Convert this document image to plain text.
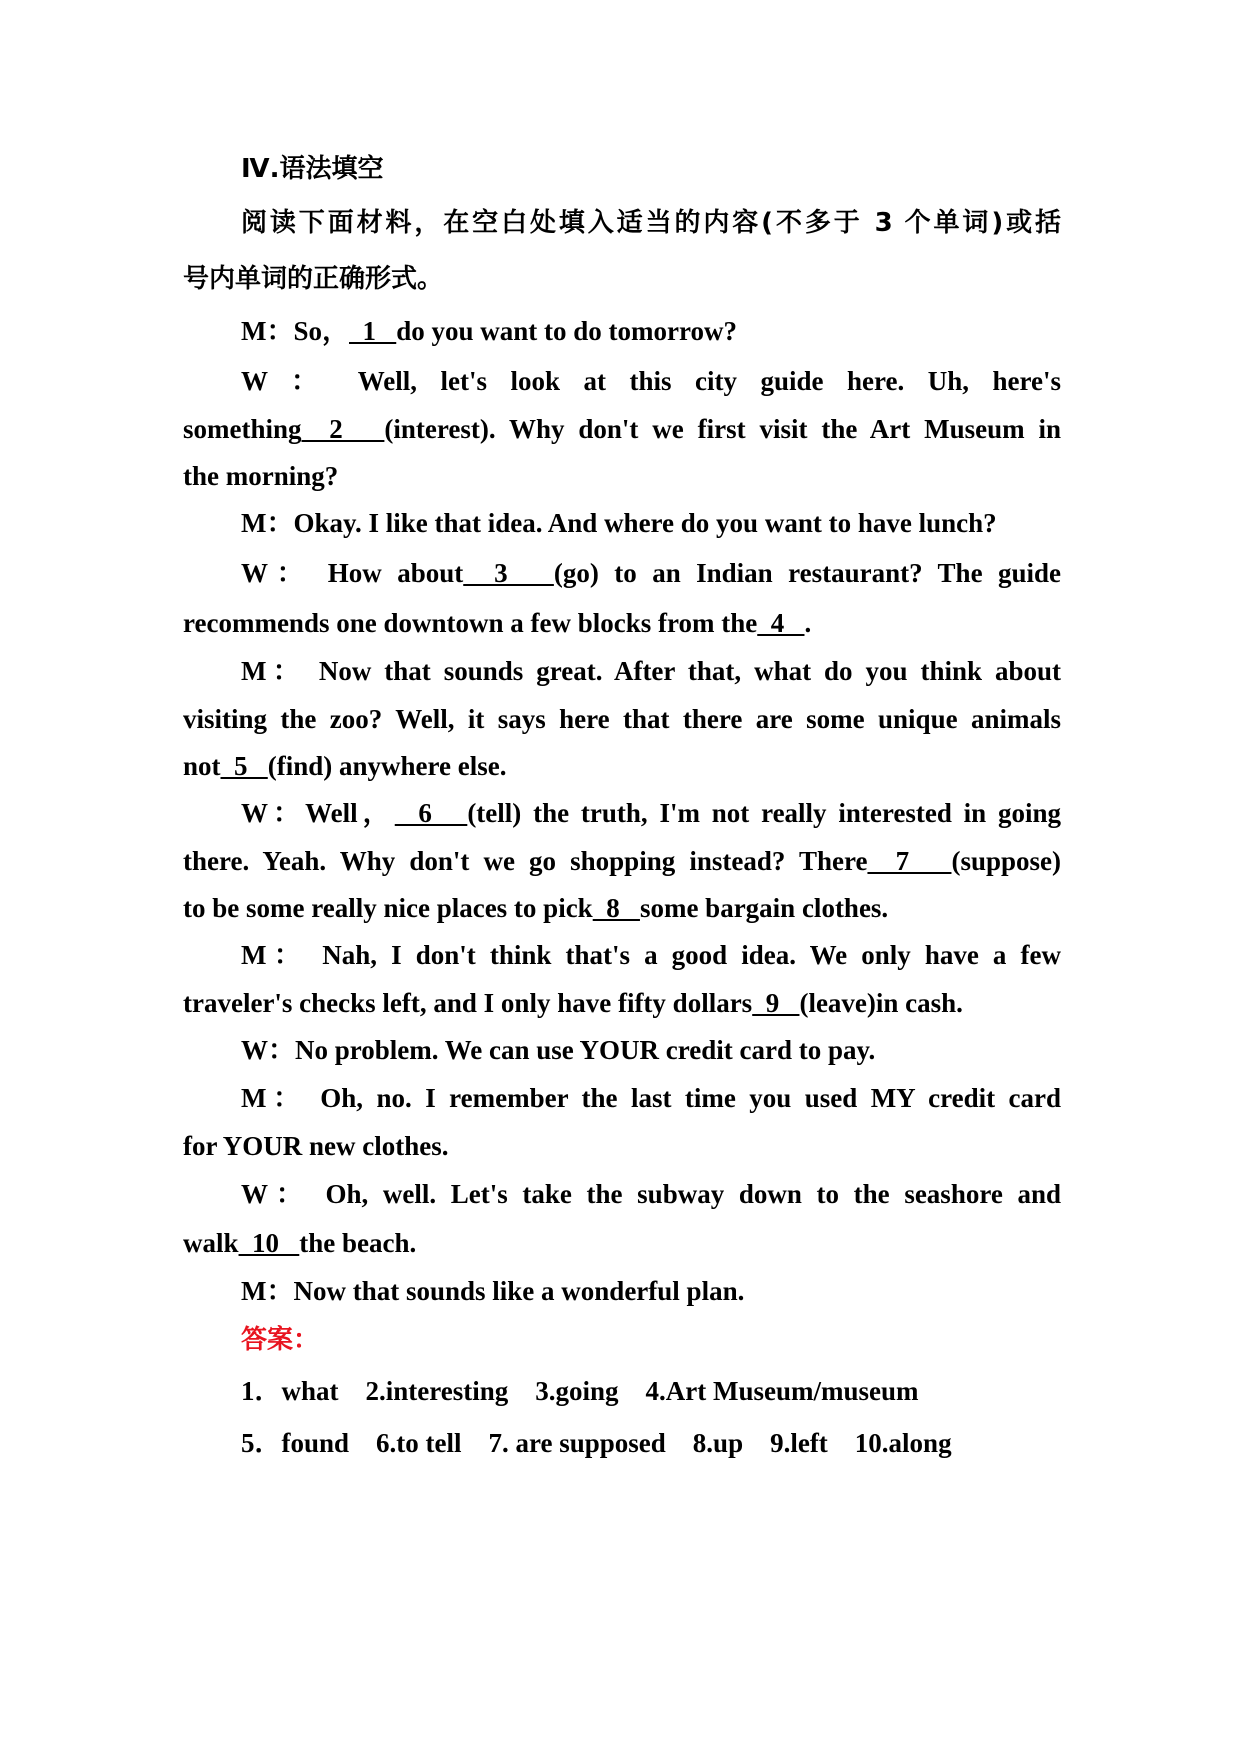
Ⅳ.语法填空
阅读下面材料，在空白处填入适当的内容(不多于 3 个单词)或括
号内单词的正确形式。
M：So，  1   do you want to do tomorrow?
W ： Well, let's look at this city guide here. Uh, here's
something  2   (interest). Why don't we first visit the Art Museum in
the morning?
M：Okay. I like that idea. And where do you want to have lunch?
W： How about  3   (go) to an Indian restaurant? The guide
recommends one downtown a few blocks from the  4   .
M： Now that sounds great. After that, what do you think about
visiting the zoo? Well, it says here that there are some unique animals
not  5   (find) anywhere else.
W：Well，  6   (tell) the truth, I'm not really interested in going
there. Yeah. Why don't we go shopping instead? There  7   (suppose)
to be some really nice places to pick  8   some bargain clothes.
M： Nah, I don't think that's a good idea. We only have a few
traveler's checks left, and I only have fifty dollars  9   (leave)in cash.
W：No problem. We can use YOUR credit card to pay.
M： Oh, no. I remember the last time you used MY credit card
for YOUR new clothes.
W： Oh, well. Let's take the subway down to the seashore and
walk  10   the beach.
M：Now that sounds like a wonderful plan.
答案：
1．what　2.interesting　3.going　4.Art Museum/museum
5．found　6.to tell　7. are supposed　8.up　9.left　10.along
